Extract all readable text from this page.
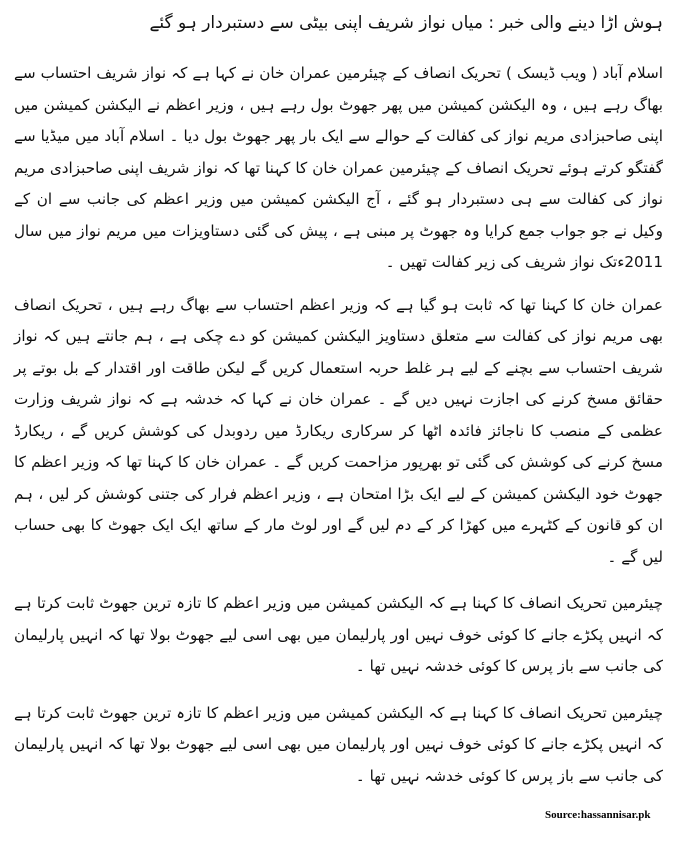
ہوش اڑا دینے والی خبر : میاں نواز شریف اپنی بیٹی سے دستبردار ہو گئے

اسلام آباد ( ویب ڈیسک ) تحریک انصاف کے چیئرمین عمران خان نے کہا ہے کہ نواز شریف احتساب سے بھاگ رہے ہیں ، وہ الیکشن کمیشن میں پھر جھوٹ بول رہے ہیں ، وزیر اعظم نے الیکشن کمیشن میں اپنی صاحبزادی مریم نواز کی کفالت کے حوالے سے ایک بار پھر جھوٹ بول دیا ۔ اسلام آباد میں میڈیا سے گفتگو کرتے ہوئے تحریک انصاف کے چیئرمین عمران خان کا کہنا تھا کہ نواز شریف اپنی صاحبزادی مریم نواز کی کفالت سے ہی دستبردار ہو گئے ، آج الیکشن کمیشن میں وزیر اعظم کی جانب سے ان کے وکیل نے جو جواب جمع کرایا وہ جھوٹ پر مبنی ہے ، پیش کی گئی دستاویزات میں مریم نواز میں سال 2011ءتک نواز شریف کی زیر کفالت تھیں ۔

عمران خان کا کہنا تھا کہ ثابت ہو گیا ہے کہ وزیر اعظم احتساب سے بھاگ رہے ہیں ، تحریک انصاف بھی مریم نواز کی کفالت سے متعلق دستاویز الیکشن کمیشن کو دے چکی ہے ، ہم جانتے ہیں کہ نواز شریف احتساب سے بچنے کے لیے ہر غلط حربہ استعمال کریں گے لیکن طاقت اور اقتدار کے بل بوتے پر حقائق مسخ کرنے کی اجازت نہیں دیں گے ۔ عمران خان نے کہا کہ خدشہ ہے کہ نواز شریف وزارت عظمی کے منصب کا ناجائز فائدہ اٹھا کر سرکاری ریکارڈ میں ردوبدل کی کوشش کریں گے ، ریکارڈ مسخ کرنے کی کوشش کی گئی تو بھرپور مزاحمت کریں گے ۔ عمران خان کا کہنا تھا کہ وزیر اعظم کا جھوٹ خود الیکشن کمیشن کے لیے ایک بڑا امتحان ہے ، وزیر اعظم فرار کی جتنی کوشش کر لیں ، ہم ان کو قانون کے کٹہرے میں کھڑا کر کے دم لیں گے اور لوٹ مار کے ساتھ ایک ایک جھوٹ کا بھی حساب لیں گے ۔

چیئرمین تحریک انصاف کا کہنا ہے کہ الیکشن کمیشن میں وزیر اعظم کا تازہ ترین جھوٹ ثابت کرتا ہے کہ انہیں پکڑے جانے کا کوئی خوف نہیں اور پارلیمان میں بھی اسی لیے جھوٹ بولا تھا کہ انہیں پارلیمان کی جانب سے باز پرس کا کوئی خدشہ نہیں تھا ۔

چیئرمین تحریک انصاف کا کہنا ہے کہ الیکشن کمیشن میں وزیر اعظم کا تازہ ترین جھوٹ ثابت کرتا ہے کہ انہیں پکڑے جانے کا کوئی خوف نہیں اور پارلیمان میں بھی اسی لیے جھوٹ بولا تھا کہ انہیں پارلیمان کی جانب سے باز پرس کا کوئی خدشہ نہیں تھا ۔

Source:hassannisar.pk
